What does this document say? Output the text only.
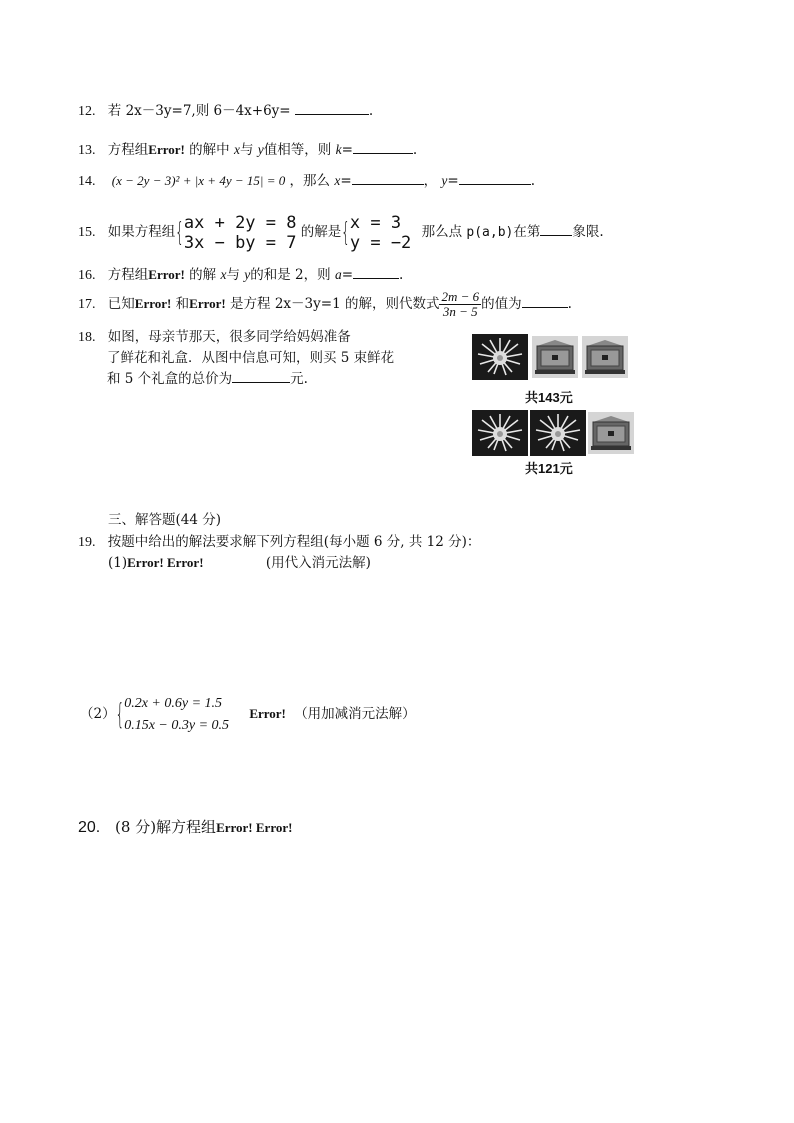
12. 若 2x－3y=7,则 6－4x+6y=	.
13. 方程组Error! 的解中 x与 y值相等，则 k=	.
14. (x − 2y − 3)² + |x + 4y − 15| = 0 ，那么 x=	， y=	.
15. 如果方程组{ ax + 2y = 8
3x − by = 7
的解是{ x = 3
y = −2
那么点 p(a,b)在第 象限.
16. 方程组Error! 的解 x与 y的和是 2，则 a=	.
17. 已知Error! 和Error! 是方程 2x－3y=1 的解，则代数式 $\frac{2m - 6}{3n - 5}$ 的值为	.
18. 如图，母亲节那天，很多同学给妈妈准备
了鲜花和礼盒．从图中信息可知，则买 5 束鲜花
和 5 个礼盒的总价为	元.
共143元
共121元
三、解答题(44 分)
19. 按题中给出的解法要求解下列方程组(每小题 6 分, 共 12 分)：
(1)Error! Error!	(用代入消元法解)
（2）{ 0.2x + 0.6y = 1.5
0.15x − 0.3y = 0.5
Error! （用加减消元法解）
20. (8 分)解方程组Error! Error!
